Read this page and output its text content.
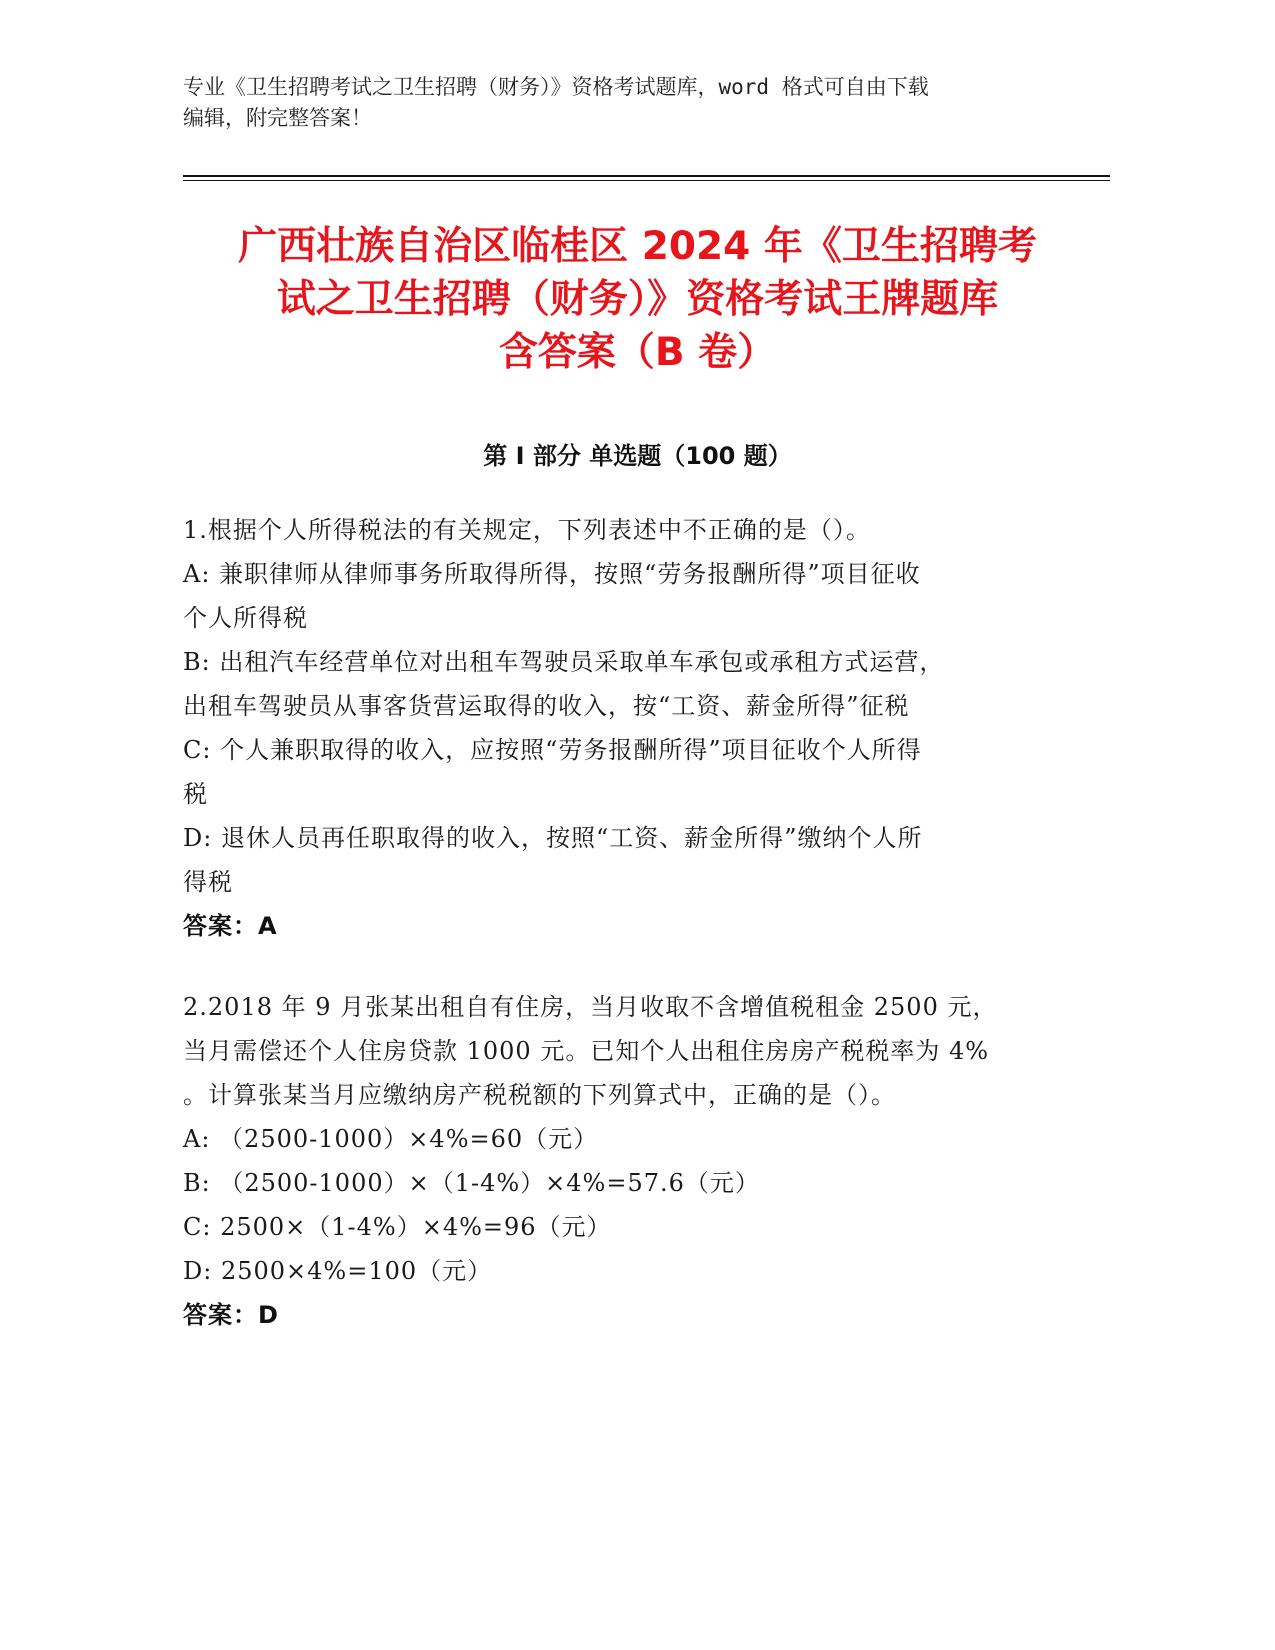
专业《卫生招聘考试之卫生招聘（财务）》资格考试题库，word 格式可自由下载
编辑，附完整答案！
广西壮族自治区临桂区 2024 年《卫生招聘考
试之卫生招聘（财务）》资格考试王牌题库
含答案（B 卷）
第 I 部分 单选题（100 题）

1.根据个人所得税法的有关规定，下列表述中不正确的是（）。

A: 兼职律师从律师事务所取得所得，按照“劳务报酬所得”项目征收
个人所得税

B: 出租汽车经营单位对出租车驾驶员采取单车承包或承租方式运营，
出租车驾驶员从事客货营运取得的收入，按“工资、薪金所得”征税

C: 个人兼职取得的收入，应按照“劳务报酬所得”项目征收个人所得
税

D: 退休人员再任职取得的收入，按照“工资、薪金所得”缴纳个人所
得税

答案：A

2.2018 年 9 月张某出租自有住房，当月收取不含增值税租金 2500 元，

当月需偿还个人住房贷款 1000 元。已知个人出租住房房产税税率为 4%

。计算张某当月应缴纳房产税税额的下列算式中，正确的是（）。

A: （2500-1000）×4%=60（元）

B: （2500-1000）×（1-4%）×4%=57.6（元）

C: 2500×（1-4%）×4%=96（元）

D: 2500×4%=100（元）

答案：D
